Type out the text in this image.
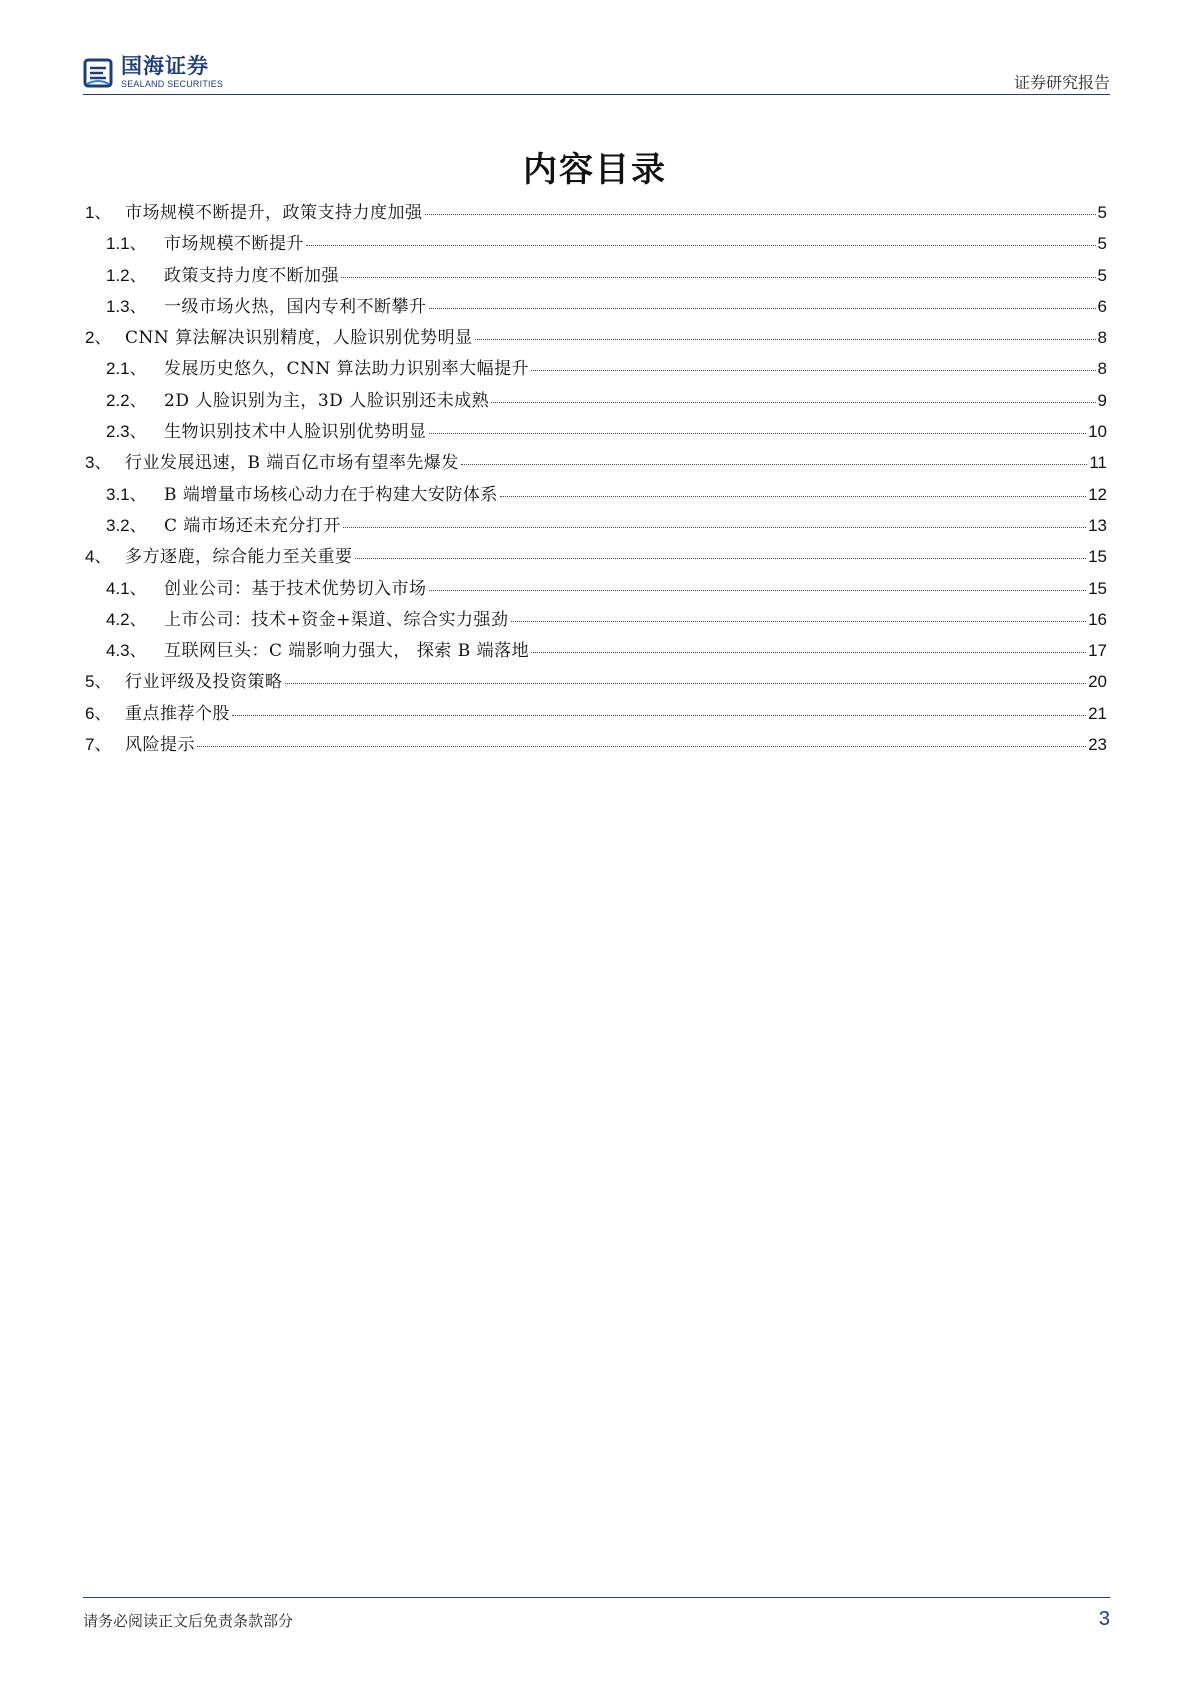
国海证券
SEALAND SECURITIES	证券研究报告
内容目录
1、 市场规模不断提升，政策支持力度加强	5
1.1、	市场规模不断提升	5
1.2、	政策支持力度不断加强	5
1.3、	一级市场火热，国内专利不断攀升	6
2、 CNN 算法解决识别精度，人脸识别优势明显	8
2.1、	发展历史悠久，CNN 算法助力识别率大幅提升	8
2.2、	2D 人脸识别为主，3D 人脸识别还未成熟	9
2.3、	生物识别技术中人脸识别优势明显	10
3、 行业发展迅速，B 端百亿市场有望率先爆发	11
3.1、	B 端增量市场核心动力在于构建大安防体系	12
3.2、	C 端市场还未充分打开	13
4、 多方逐鹿，综合能力至关重要	15
4.1、	创业公司：基于技术优势切入市场	15
4.2、	上市公司：技术+资金+渠道、综合实力强劲	16
4.3、	互联网巨头：C 端影响力强大， 探索 B 端落地	17
5、 行业评级及投资策略	20
6、 重点推荐个股	21
7、 风险提示	23
请务必阅读正文后免责条款部分	3
